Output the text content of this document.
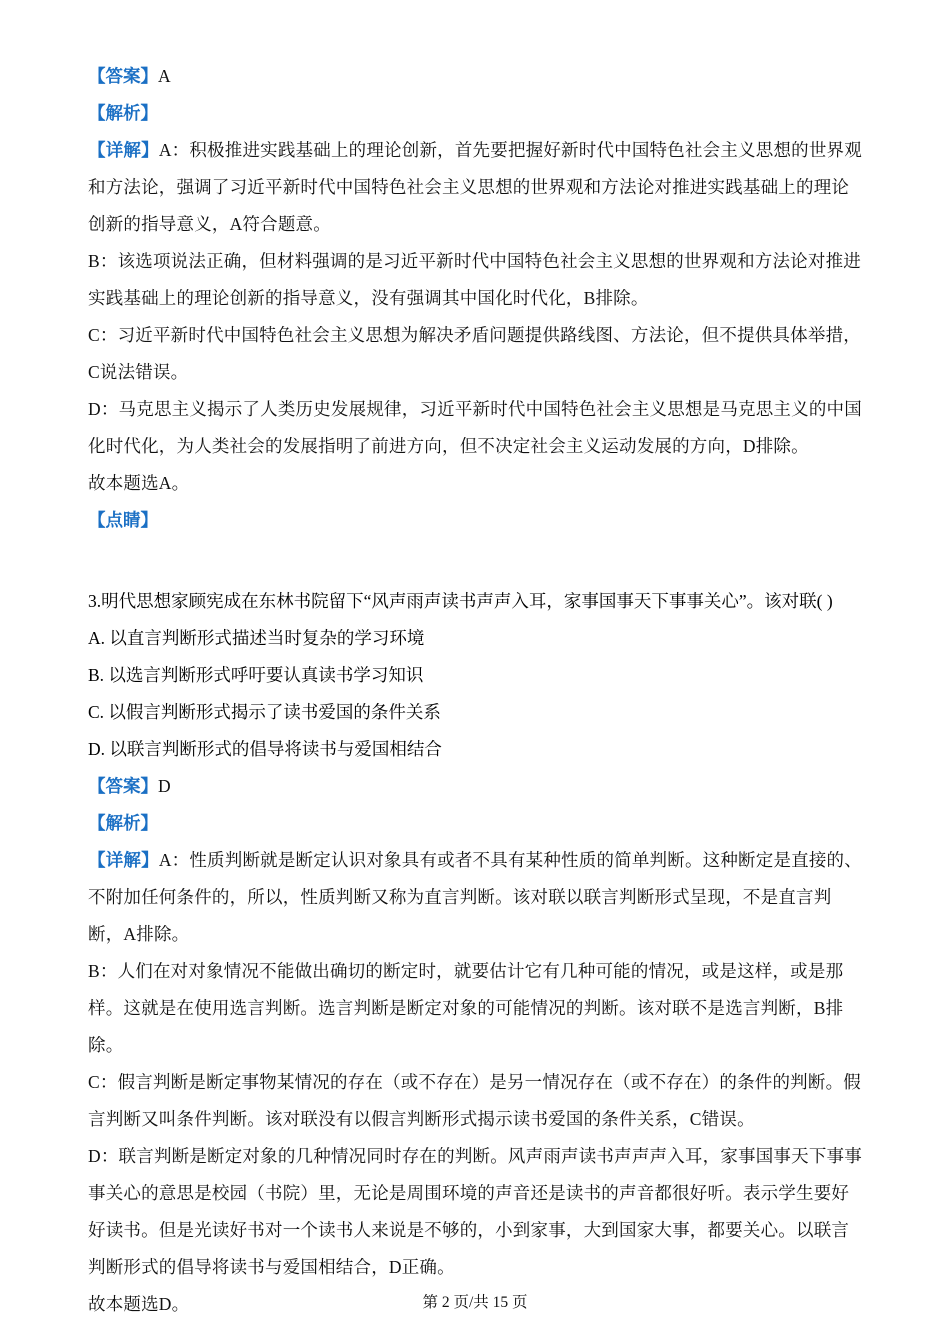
【答案】A
【解析】
【详解】A：积极推进实践基础上的理论创新，首先要把握好新时代中国特色社会主义思想的世界观和方法论，强调了习近平新时代中国特色社会主义思想的世界观和方法论对推进实践基础上的理论创新的指导意义，A符合题意。
B：该选项说法正确，但材料强调的是习近平新时代中国特色社会主义思想的世界观和方法论对推进实践基础上的理论创新的指导意义，没有强调其中国化时代化，B排除。
C：习近平新时代中国特色社会主义思想为解决矛盾问题提供路线图、方法论，但不提供具体举措，C说法错误。
D：马克思主义揭示了人类历史发展规律，习近平新时代中国特色社会主义思想是马克思主义的中国化时代化，为人类社会的发展指明了前进方向，但不决定社会主义运动发展的方向，D排除。
故本题选A。
【点睛】
3.明代思想家顾宪成在东林书院留下“风声雨声读书声声入耳，家事国事天下事事关心”。该对联( )
A. 以直言判断形式描述当时复杂的学习环境
B. 以选言判断形式呼吁要认真读书学习知识
C. 以假言判断形式揭示了读书爱国的条件关系
D. 以联言判断形式的倡导将读书与爱国相结合
【答案】D
【解析】
【详解】A：性质判断就是断定认识对象具有或者不具有某种性质的简单判断。这种断定是直接的、不附加任何条件的，所以，性质判断又称为直言判断。该对联以联言判断形式呈现，不是直言判断，A排除。
B：人们在对对象情况不能做出确切的断定时，就要估计它有几种可能的情况，或是这样，或是那样。这就是在使用选言判断。选言判断是断定对象的可能情况的判断。该对联不是选言判断，B排除。
C：假言判断是断定事物某情况的存在（或不存在）是另一情况存在（或不存在）的条件的判断。假言判断又叫条件判断。该对联没有以假言判断形式揭示读书爱国的条件关系，C错误。
D：联言判断是断定对象的几种情况同时存在的判断。风声雨声读书声声声入耳，家事国事天下事事事关心的意思是校园（书院）里，无论是周围环境的声音还是读书的声音都很好听。表示学生要好好读书。但是光读好书对一个读书人来说是不够的，小到家事，大到国家大事，都要关心。以联言判断形式的倡导将读书与爱国相结合，D正确。
故本题选D。	第 2 页/共 15 页
